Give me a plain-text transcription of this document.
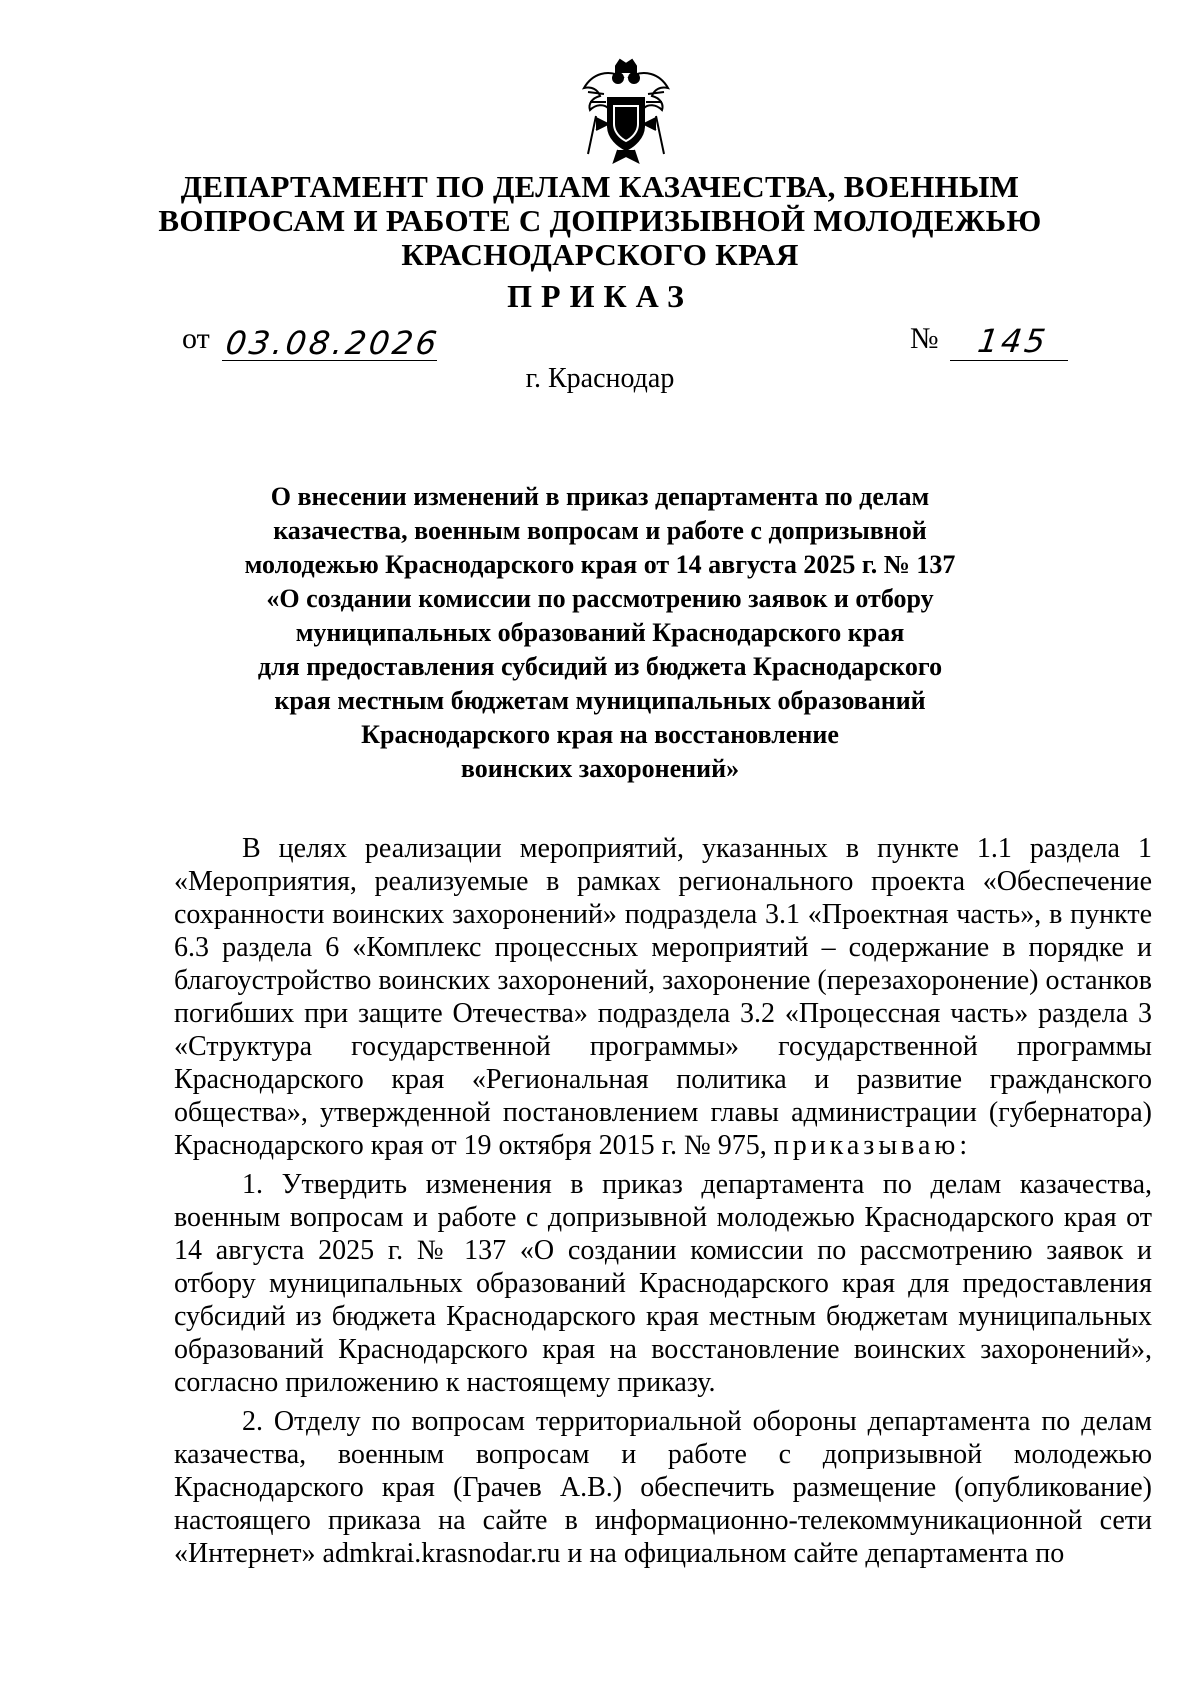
ДЕПАРТАМЕНТ ПО ДЕЛАМ КАЗАЧЕСТВА, ВОЕННЫМ
ВОПРОСАМ И РАБОТЕ С ДОПРИЗЫВНОЙ МОЛОДЕЖЬЮ
КРАСНОДАРСКОГО КРАЯ
ПРИКАЗ
от 03.08.2026	№ 145
г. Краснодар
О внесении изменений в приказ департамента по делам
казачества, военным вопросам и работе с допризывной
молодежью Краснодарского края от 14 августа 2025 г. № 137
«О создании комиссии по рассмотрению заявок и отбору
муниципальных образований Краснодарского края
для предоставления субсидий из бюджета Краснодарского
края местным бюджетам муниципальных образований
Краснодарского края на восстановление
воинских захоронений»

В целях реализации мероприятий, указанных в пункте 1.1 раздела 1 «Мероприятия, реализуемые в рамках регионального проекта «Обеспечение сохранности воинских захоронений» подраздела 3.1 «Проектная часть», в пункте 6.3 раздела 6 «Комплекс процессных мероприятий – содержание в порядке и благоустройство воинских захоронений, захоронение (перезахоронение) останков погибших при защите Отечества» подраздела 3.2 «Процессная часть» раздела 3 «Структура государственной программы» государственной программы Краснодарского края «Региональная политика и развитие гражданского общества», утвержденной постановлением главы администрации (губернатора) Краснодарского края от 19 октября 2015 г. № 975, приказываю:

1. Утвердить изменения в приказ департамента по делам казачества, военным вопросам и работе с допризывной молодежью Краснодарского края от 14 августа 2025 г. № 137 «О создании комиссии по рассмотрению заявок и отбору муниципальных образований Краснодарского края для предоставления субсидий из бюджета Краснодарского края местным бюджетам муниципальных образований Краснодарского края на восстановление воинских захоронений», согласно приложению к настоящему приказу.

2. Отделу по вопросам территориальной обороны департамента по делам казачества, военным вопросам и работе с допризывной молодежью Краснодарского края (Грачев А.В.) обеспечить размещение (опубликование) настоящего приказа на сайте в информационно-телекоммуникационной сети «Интернет» admkrai.krasnodar.ru и на официальном сайте департамента по
